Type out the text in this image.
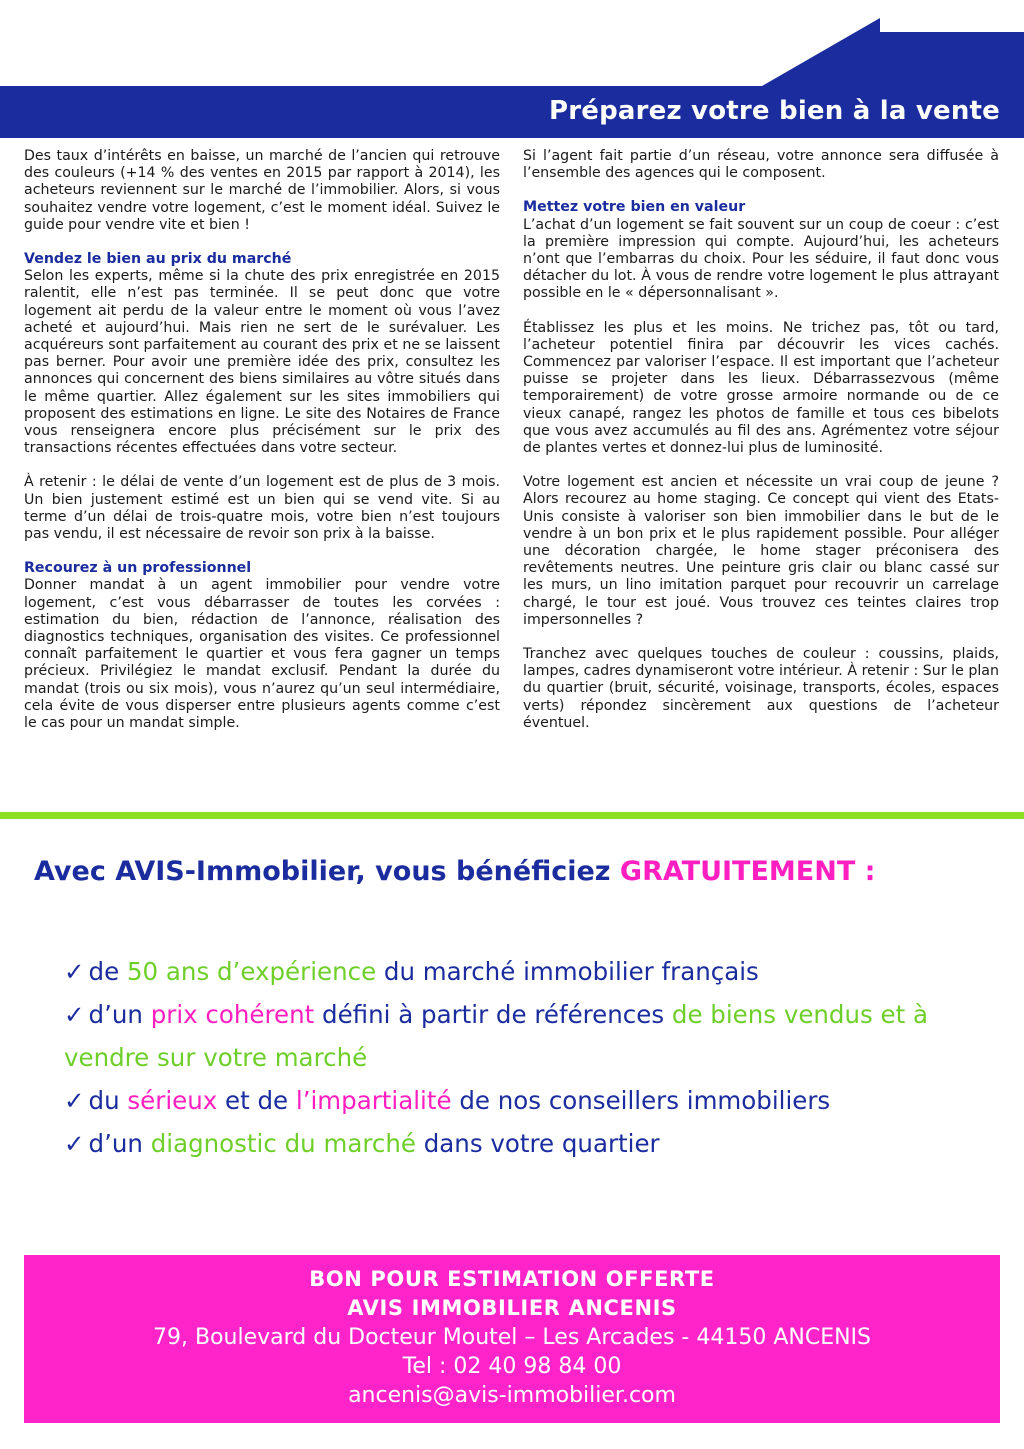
Préparez votre bien à la vente

Des taux d’intérêts en baisse, un marché de l’ancien qui retrouve des couleurs (+14 % des ventes en 2015 par rapport à 2014), les acheteurs reviennent sur le marché de l’immobilier. Alors, si vous souhaitez vendre votre logement, c’est le moment idéal. Suivez le guide pour vendre vite et bien !

Vendez le bien au prix du marché

Selon les experts, même si la chute des prix enregistrée en 2015 ralentit, elle n’est pas terminée. Il se peut donc que votre logement ait perdu de la valeur entre le moment où vous l’avez acheté et aujourd’hui. Mais rien ne sert de le surévaluer. Les acquéreurs sont parfaitement au courant des prix et ne se laissent pas berner. Pour avoir une première idée des prix, consultez les annonces qui concernent des biens similaires au vôtre situés dans le même quartier. Allez également sur les sites immobiliers qui proposent des estimations en ligne. Le site des Notaires de France vous renseignera encore plus précisément sur le prix des transactions récentes effectuées dans votre secteur.

À retenir : le délai de vente d’un logement est de plus de 3 mois. Un bien justement estimé est un bien qui se vend vite. Si au terme d’un délai de trois-quatre mois, votre bien n’est toujours pas vendu, il est nécessaire de revoir son prix à la baisse.

Recourez à un professionnel

Donner mandat à un agent immobilier pour vendre votre logement, c’est vous débarrasser de toutes les corvées : estimation du bien, rédaction de l’annonce, réalisation des diagnostics techniques, organisation des visites. Ce professionnel connaît parfaitement le quartier et vous fera gagner un temps précieux. Privilégiez le mandat exclusif. Pendant la durée du mandat (trois ou six mois), vous n’aurez qu’un seul intermédiaire, cela évite de vous disperser entre plusieurs agents comme c’est le cas pour un mandat simple.

Si l’agent fait partie d’un réseau, votre annonce sera diffusée à l’ensemble des agences qui le composent.

Mettez votre bien en valeur

L’achat d’un logement se fait souvent sur un coup de coeur : c’est la première impression qui compte. Aujourd’hui, les acheteurs n’ont que l’embarras du choix. Pour les séduire, il faut donc vous détacher du lot. À vous de rendre votre logement le plus attrayant possible en le « dépersonnalisant ».

Établissez les plus et les moins. Ne trichez pas, tôt ou tard, l’acheteur potentiel finira par découvrir les vices cachés. Commencez par valoriser l’espace. Il est important que l’acheteur puisse se projeter dans les lieux. Débarrassezvous (même temporairement) de votre grosse armoire normande ou de ce vieux canapé, rangez les photos de famille et tous ces bibelots que vous avez accumulés au fil des ans. Agrémentez votre séjour de plantes vertes et donnez-lui plus de luminosité.

Votre logement est ancien et nécessite un vrai coup de jeune ? Alors recourez au home staging. Ce concept qui vient des Etats-Unis consiste à valoriser son bien immobilier dans le but de le vendre à un bon prix et le plus rapidement possible. Pour alléger une décoration chargée, le home stager préconisera des revêtements neutres. Une peinture gris clair ou blanc cassé sur les murs, un lino imitation parquet pour recouvrir un carrelage chargé, le tour est joué. Vous trouvez ces teintes claires trop impersonnelles ?

Tranchez avec quelques touches de couleur : coussins, plaids, lampes, cadres dynamiseront votre intérieur. À retenir : Sur le plan du quartier (bruit, sécurité, voisinage, transports, écoles, espaces verts) répondez sincèrement aux questions de l’acheteur éventuel.

Avec AVIS-Immobilier, vous bénéficiez GRATUITEMENT :
✓ de 50 ans d’expérience du marché immobilier français
✓ d’un prix cohérent défini à partir de références de biens vendus et à vendre sur votre marché
✓ du sérieux et de l’impartialité de nos conseillers immobiliers
✓ d’un diagnostic du marché dans votre quartier
BON POUR ESTIMATION OFFERTE
AVIS IMMOBILIER ANCENIS
79, Boulevard du Docteur Moutel – Les Arcades - 44150 ANCENIS
Tel : 02 40 98 84 00
ancenis@avis-immobilier.com
